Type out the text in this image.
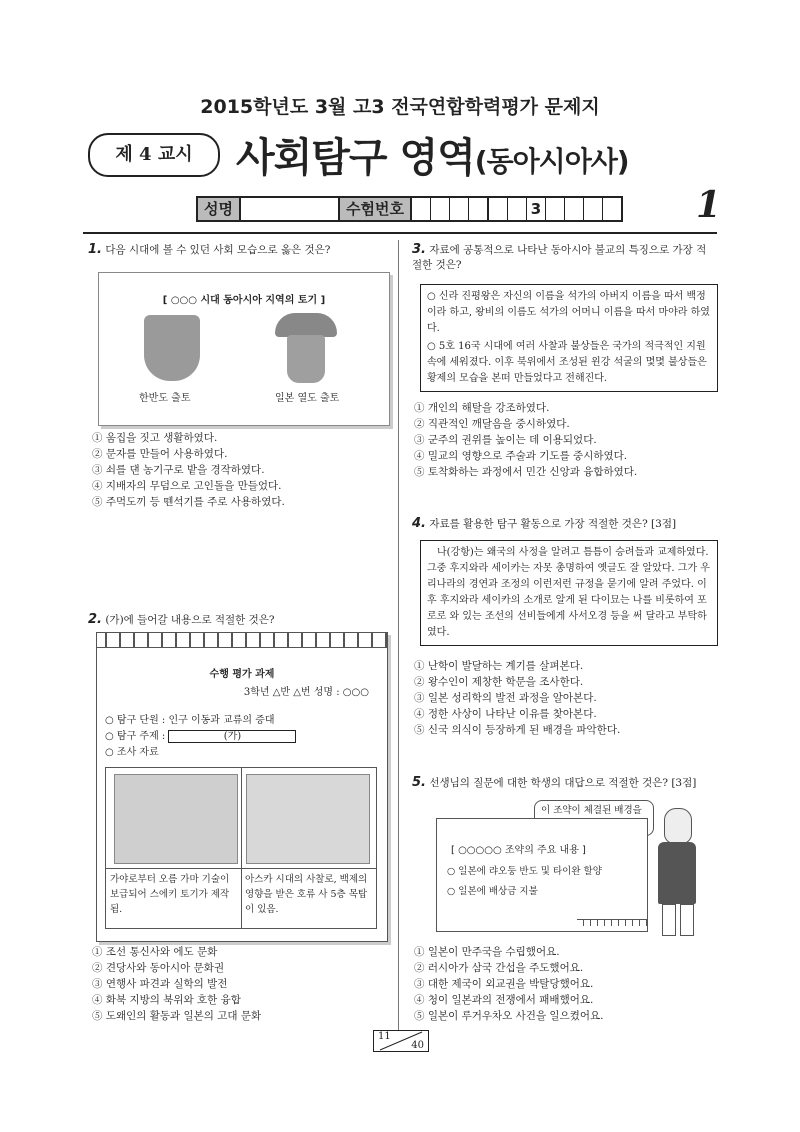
2015학년도 3월 고3 전국연합학력평가 문제지
제 4 교시	사회탐구 영역(동아시아사)
성명	수험번호	3	1
1. 다음 시대에 볼 수 있던 사회 모습으로 옳은 것은?
[ ○○○ 시대 동아시아 지역의 토기 ]
한반도 출토	일본 열도 출토
① 움집을 짓고 생활하였다.
② 문자를 만들어 사용하였다.
③ 쇠를 댄 농기구로 밭을 경작하였다.
④ 지배자의 무덤으로 고인돌을 만들었다.
⑤ 주먹도끼 등 뗀석기를 주로 사용하였다.
2. (가)에 들어갈 내용으로 적절한 것은?
수행 평가 과제
3학년 △반 △번 성명 : ○○○
○ 탐구 단원 : 인구 이동과 교류의 증대
○ 탐구 주제 :	(가)
○ 조사 자료
가야로부터 오름 가마 기술이 보급되어 스에키 토기가 제작됨.
아스카 시대의 사찰로, 백제의 영향을 받은 호류 사 5층 목탑이 있음.
① 조선 통신사와 에도 문화
② 견당사와 동아시아 문화권
③ 연행사 파견과 실학의 발전
④ 화북 지방의 북위와 호한 융합
⑤ 도왜인의 활동과 일본의 고대 문화
3. 자료에 공통적으로 나타난 동아시아 불교의 특징으로 가장 적절한 것은?
○ 신라 진평왕은 자신의 이름을 석가의 아버지 이름을 따서 백정이라 하고, 왕비의 이름도 석가의 어머니 이름을 따서 마야라 하였다.
○ 5호 16국 시대에 여러 사찰과 불상들은 국가의 적극적인 지원 속에 세워졌다. 이후 북위에서 조성된 윈강 석굴의 몇몇 불상들은 황제의 모습을 본떠 만들었다고 전해진다.
① 개인의 해탈을 강조하였다.
② 직관적인 깨달음을 중시하였다.
③ 군주의 권위를 높이는 데 이용되었다.
④ 밀교의 영향으로 주술과 기도를 중시하였다.
⑤ 토착화하는 과정에서 민간 신앙과 융합하였다.
4. 자료를 활용한 탐구 활동으로 가장 적절한 것은? [3점]
나(강항)는 왜국의 사정을 알려고 틈틈이 승려들과 교제하였다. 그중 후지와라 세이카는 자못 총명하여 옛글도 잘 알았다. 그가 우리나라의 경연과 조정의 이런저런 규정을 묻기에 알려 주었다. 이후 후지와라 세이카의 소개로 알게 된 다이묘는 나를 비롯하여 포로로 와 있는 조선의 선비들에게 사서오경 등을 써 달라고 부탁하였다.
① 난학이 발달하는 계기를 살펴본다.
② 왕수인이 제창한 학문을 조사한다.
③ 일본 성리학의 발전 과정을 알아본다.
④ 정한 사상이 나타난 이유를 찾아본다.
⑤ 신국 의식이 등장하게 된 배경을 파악한다.
5. 선생님의 질문에 대한 학생의 대답으로 적절한 것은? [3점]
이 조약이 체결된 배경을
[ ○○○○○ 조약의 주요 내용 ]
○ 일본에 랴오둥 반도 및 타이완 할양
○ 일본에 배상금 지불
① 일본이 만주국을 수립했어요.
② 러시아가 삼국 간섭을 주도했어요.
③ 대한 제국이 외교권을 박탈당했어요.
④ 청이 일본과의 전쟁에서 패배했어요.
⑤ 일본이 루거우차오 사건을 일으켰어요.
11
40
